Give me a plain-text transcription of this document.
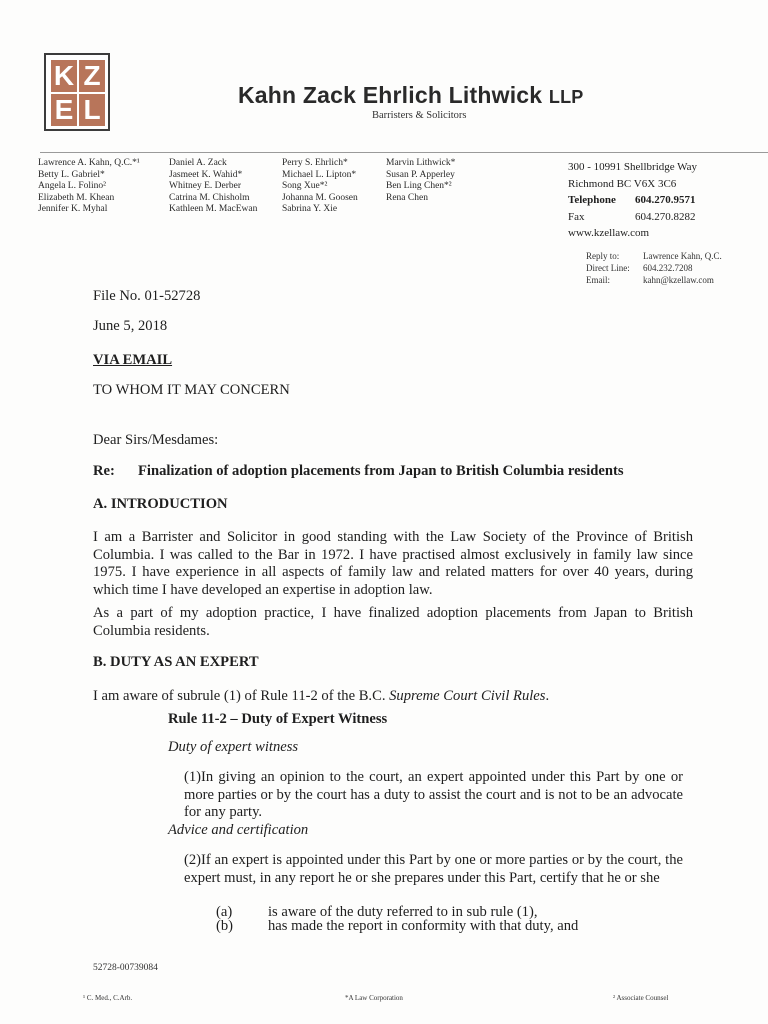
K Z
E L	Kahn Zack Ehrlich Lithwick LLP
Barristers & Solicitors
Lawrence A. Kahn, Q.C.*¹
Betty L. Gabriel*
Angela L. Folino²
Elizabeth M. Khean
Jennifer K. Myhal
Daniel A. Zack
Jasmeet K. Wahid*
Whitney E. Derber
Catrina M. Chisholm
Kathleen M. MacEwan
Perry S. Ehrlich*
Michael L. Lipton*
Song Xue*²
Johanna M. Goosen
Sabrina Y. Xie
Marvin Lithwick*
Susan P. Apperley
Ben Ling Chen*²
Rena Chen
300 - 10991 Shellbridge Way
Richmond BC V6X 3C6
Telephone	604.270.9571
Fax	604.270.8282
www.kzellaw.com
Reply to:	Lawrence Kahn, Q.C.
Direct Line:	604.232.7208
Email:	kahn@kzellaw.com
File No. 01-52728
June 5, 2018
VIA EMAIL
TO WHOM IT MAY CONCERN
Dear Sirs/Mesdames:
Re:	Finalization of adoption placements from Japan to British Columbia residents
A. INTRODUCTION
I am a Barrister and Solicitor in good standing with the Law Society of the Province of British Columbia. I was called to the Bar in 1972. I have practised almost exclusively in family law since 1975. I have experience in all aspects of family law and related matters for over 40 years, during which time I have developed an expertise in adoption law.
As a part of my adoption practice, I have finalized adoption placements from Japan to British Columbia residents.
B. DUTY AS AN EXPERT
I am aware of subrule (1) of Rule 11-2 of the B.C. Supreme Court Civil Rules.
Rule 11-2 – Duty of Expert Witness
Duty of expert witness
(1)In giving an opinion to the court, an expert appointed under this Part by one or more parties or by the court has a duty to assist the court and is not to be an advocate for any party.
Advice and certification
(2)If an expert is appointed under this Part by one or more parties or by the court, the expert must, in any report he or she prepares under this Part, certify that he or she
(a)	is aware of the duty referred to in sub rule (1),
(b)	has made the report in conformity with that duty, and
52728-00739084
¹ C. Med., C.Arb.	*A Law Corporation	² Associate Counsel
